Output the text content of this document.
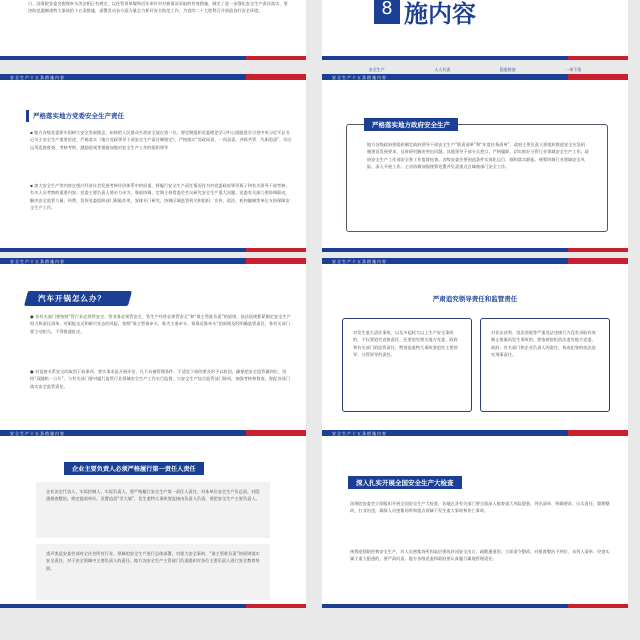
日、国务院安委会抱理牵头决法相正有规定，以往管用单煤和近年来针对对新情况采取的有效措施，制定了进一步强化安全生产责任落实、坚决防范遏制重特大事故的十五条措施，部署发动各方面力量全力抓好安全防范工作，为党的二十大胜利召开创造良好安全环境。	8 施内容
安全生产	人人有责	隐患排查	一项不落
安全生产十五条措施内容
严格落实地方党委安全生产责任
▪ 地方各级党委要牢固树立安全发展理念，始终把人民群众生命安全放在第一位。要定期组织党委理论学习中心组跟进学习党中央习近平总书记关于安全生产重要论述。严格落实《地方党政领导干部安全生产责任制规定》，严格落实“党政同责、一岗双责、齐抓共管、失职追责”，综合运用巡查督查、考核考察、激励惩戒等措施加强对安全生产工作的组织领导
▪ 加大安全生产等内容在相应经济社会发展考核评价体系中的权重，将履行安全生产责任情况作为对党委政府领导班子和有关领导干部考核、有关人员考察的重要内容。党委主要负责人要亲力亲为、靠前协调，定期主持常委会会议研究安全生产重大问题。党委有关部门要协调联动，解决安全监管力量、经费，发挥党委组织部门职能作用，安排专门研究，协调区域监管机关和组织、宣传、政法、机构编制等单位支持保障安全生产工作。
安全生产十五条措施内容
地方各级政府要组织制定政府领导干部安全生产“职责清单”和“年度任务清单”，政府主要负责人要组织推进安全应急机制建设发展要求，及时研究解决突出问题。其他领导干部分兵把口，严格履职，切实抓好分管行业领域安全生产工作。政府安全生产工作部安全务工作监督检查。各级安委会要创造条件实体化运行，细和落实职能。统筹协调行业领域安全风险、深入开展工作。主动协调加强统筹处置并负责重点区域商部门安全工作。
严格落实地方政府安全生产
安全生产十五条措施内容
汽车开锅怎么办？
● 各有关部门要按照“管行业必须管安全、管业务必须管安全、管生产经营必须管安全”和“谁主管谁负责”的原则，依法依规抓紧制定安全生产权力和责任清单，对职能交叉和新兴业态的风险，按照“谁主管谁牵头、谁为主谁牵头、谁靠近谁牵头”的原则及时明确监管责任，务有关部门要主动担当，不得推诿扯皮。
● 对直接关系安全的取消下放事项，要实事求是开展评估，凡不具备管理条件、不适宜下放的要及时予以收回，确保把安全监管做到位，坚持“双随机一公开”，与有关部门要对履行监管行业领域安全生产工作实行监督，与安全生产综合监管部门协同，加强考核和督查，督促各部门落实安全监管责任。
安全生产十五条措施内容
严肃追究领导责任和监管责任
对发生重大责任事故、以及多起较大以上生产安全事故的，不仅要追究直接责任、还要追究相关地方党委、政府和有关部门的监管责任，特别是重特大事故要追究主要领导、分管领导的责任。
对非法获利、违法违规等严重违法违规行为没有采取有效制止措施而发生事故的，要依规依纪依法追究地方党委、政府、有关部门和企业负责人的责任，构成犯罪的依法追究刑事责任。
安全生产十五条措施内容
企业主要负责人必须严格履行第一责任人责任
企业法定代表人、实际控制人、实际负责人，要严格履行安全生产第一责任人责任，对本单位安全生产负总责。对隐患排查整治，规定提前单位，设置追责“零大墙”，发生重特大事故要直接由负责人负责，要把安全生产主要负责人。
重声类是安委会部对全社会所有行业、领域的安全生产进行总体部署，对重大安全事故、“谁主管谁负责”的原则落实安全责任，对于安全领域中主要负责人的责任，地方各安全生产主管部门负责组织对各位主要负责人进行安全教育培训。
安全生产十五条措施内容
深入扎实开展全国安全生产大检查
国务院安委会立即组织开展全国安全生产大检查，各地区各有关部门要全面深入排查重大风险隐患、列出清单、明确要求、压实责任、限期整改，打非治违，确保人员密集场所和重点领域不发生重大事故和伤亡事故。
统筹疫情防控和安全生产，对人员密集场所和高层建筑封闭安全出口、疏散通道的，立即责令整改。对排查整治不到位、未列入清单、经查实属于重大隐患的，要严肃问责。地方各级党委和政府要认真履行属地管理责任。
